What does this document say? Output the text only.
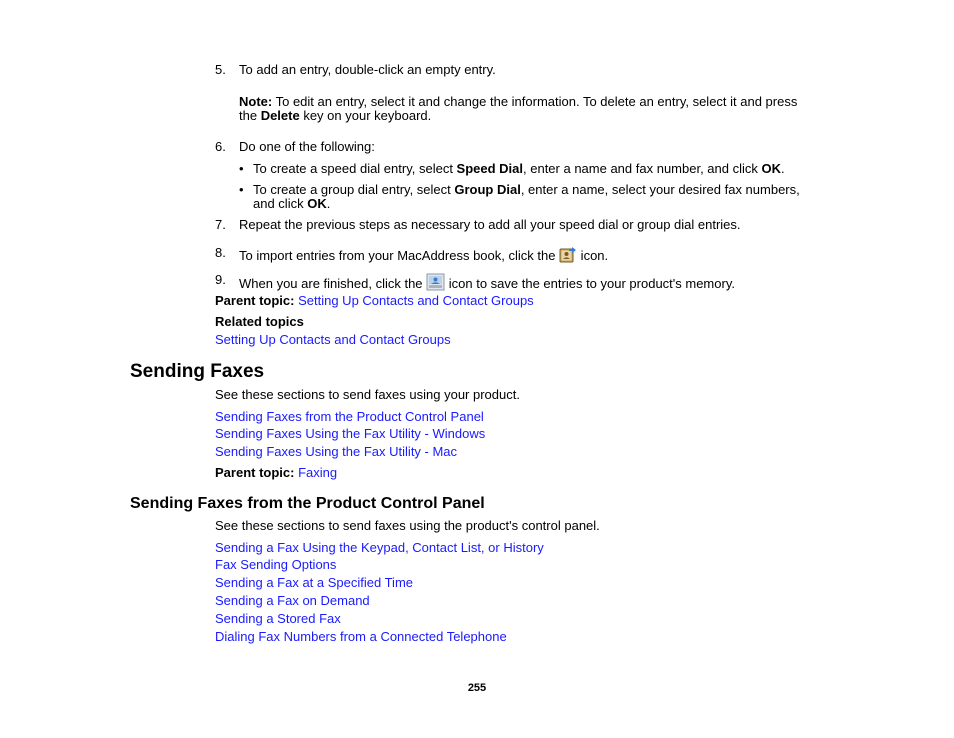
5. To add an entry, double-click an empty entry.
Note: To edit an entry, select it and change the information. To delete an entry, select it and press
the Delete key on your keyboard.
6. Do one of the following:
• To create a speed dial entry, select Speed Dial, enter a name and fax number, and click OK.
• To create a group dial entry, select Group Dial, enter a name, select your desired fax numbers,
and click OK.
7. Repeat the previous steps as necessary to add all your speed dial or group dial entries.
8. To import entries from your MacAddress book, click the  icon.
9. When you are finished, click the  icon to save the entries to your product's memory.
Parent topic: Setting Up Contacts and Contact Groups
Related topics
Setting Up Contacts and Contact Groups
Sending Faxes
See these sections to send faxes using your product.
Sending Faxes from the Product Control Panel
Sending Faxes Using the Fax Utility - Windows
Sending Faxes Using the Fax Utility - Mac
Parent topic: Faxing
Sending Faxes from the Product Control Panel
See these sections to send faxes using the product's control panel.
Sending a Fax Using the Keypad, Contact List, or History
Fax Sending Options
Sending a Fax at a Specified Time
Sending a Fax on Demand
Sending a Stored Fax
Dialing Fax Numbers from a Connected Telephone
255
